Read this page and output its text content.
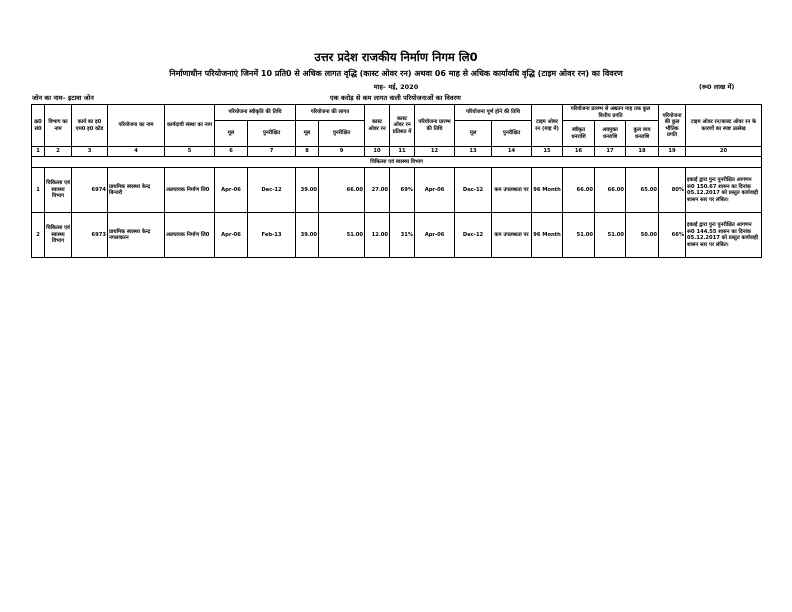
उत्तर प्रदेश राजकीय निर्माण निगम लि0
निर्माणाधीन परियोजनाएं जिनमें 10 प्रति0 से अधिक लागत वृद्धि (कास्ट ओवर रन) अथवा 06 माह से अधिक कार्यावधि वृद्धि (टाइम ओवर रन) का विवरण
माह– मई, 2020	(रू0 लाख में)
जोन का नाम– इटावा जोन	एक करोड़ से कम लागत वाली परियोजनाओं का विवरण
क्र0 सं0	विभाग का नाम	कार्य का इ0 एम0 इ0 कोड	परियोजना का नाम	कार्यदायी संस्था का नाम	परियोजना स्वीकृति की तिथि		परियोजना की लागत		कास्ट ओवर रन	कास्ट ओवर रन प्रतिशत में	परियोजना प्रारम्भ की तिथि	परियोजना पूर्ण होने की तिथि		टाइम ओवर रन (माह में)	परियोजना प्रारम्भ से अद्यतन माह तक कुल वित्तीय प्रगति			परियोजना की कुल भौतिक प्रगति	टाइम ओवर रन/कास्ट ओवर रन के कारणों का स्पष्ट उल्लेख
					मूल	पुनरीक्षित	मूल	पुनरीक्षित				मूल	पुनरीक्षित		स्वीकृत धनराशि	अवमुक्त धनराशि	कुल व्यय धनराशि		
1	2	3	4	5	6	7	8	9	10	11	12	13	14	15	16	17	18	19	20
चिकित्सा एवं स्वास्थ्य विभाग																			
1	चिकित्सा एवं स्वास्थ्य विभाग	6974	प्राथमिक स्वास्थ्य केन्द्र बिन्जरी	अलघायक निर्माण लि0	Apr-06	Dec-12	39.00	66.00	27.00	69%	Apr-06	Dec-12	कम उपलब्धता पर	96 Month	66.00	66.00	65.00	80%	इकाई द्वारा पुनः पुनरीक्षित आगणन रू0 150.67 शासन का दिनांक 05.12.2017 को प्रस्तुत कार्यवाही शासन स्तर पर लंबित।
2	चिकित्सा एवं स्वास्थ्य विभाग	6973	प्राथमिक स्वास्थ्य केन्द्र नगलाकरन	अलघायक निर्माण लि0	Apr-06	Feb-13	39.00	51.00	12.00	31%	Apr-06	Dec-12	कम उपलब्धता पर	96 Month	51.00	51.00	50.00	66%	इकाई द्वारा पुनः पुनरीक्षित आगणन रू0 144.55 शासन का दिनांक 05.12.2017 को प्रस्तुत कार्यवाही शासन स्तर पर लंबित।
